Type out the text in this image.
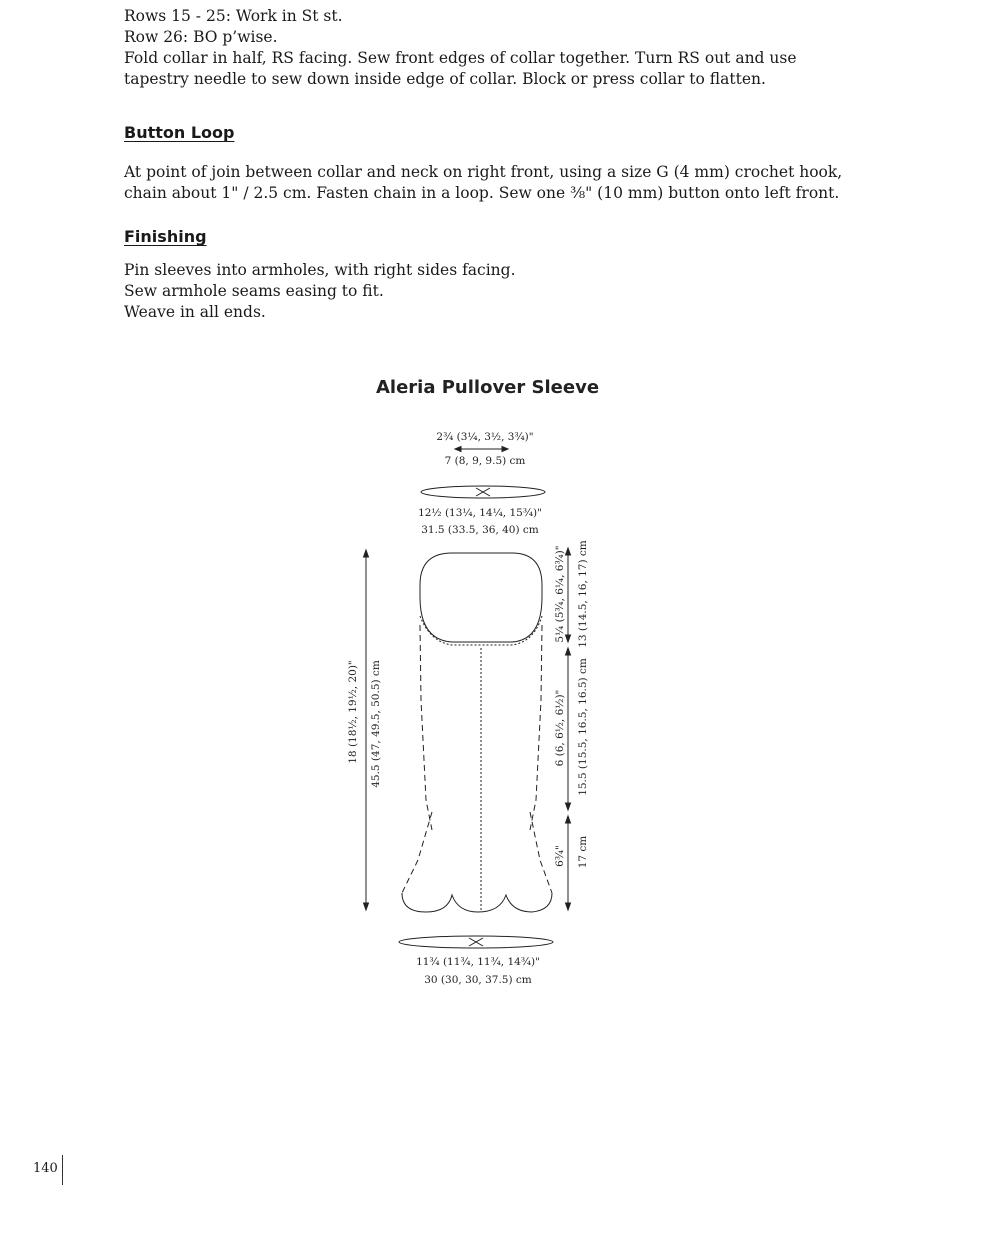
Rows 15 - 25: Work in St st.
Row 26: BO p’wise.
Fold collar in half, RS facing. Sew front edges of collar together. Turn RS out and use tapestry needle to sew down inside edge of collar. Block or press collar to flatten.
Button Loop
At point of join between collar and neck on right front, using a size G (4 mm) crochet hook, chain about 1" / 2.5 cm. Fasten chain in a loop. Sew one ⅜" (10 mm) button onto left front.
Finishing
Pin sleeves into armholes, with right sides facing.
Sew armhole seams easing to fit.
Weave in all ends.
Aleria Pullover Sleeve
2¾ (3¼, 3½, 3¾)"
7 (8, 9, 9.5) cm
12½ (13¼, 14¼, 15¾)"
31.5 (33.5, 36, 40) cm
11¾ (11¾, 11¾, 14¾)"
30 (30, 30, 37.5) cm
18 (18½, 19½, 20)" 45.5 (47, 49.5, 50.5) cm
5¼ (5¾, 6¼, 6¾)" 13 (14.5, 16, 17) cm
6 (6, 6½, 6½)" 15.5 (15.5, 16.5, 16.5) cm
6¾" 17 cm
140
